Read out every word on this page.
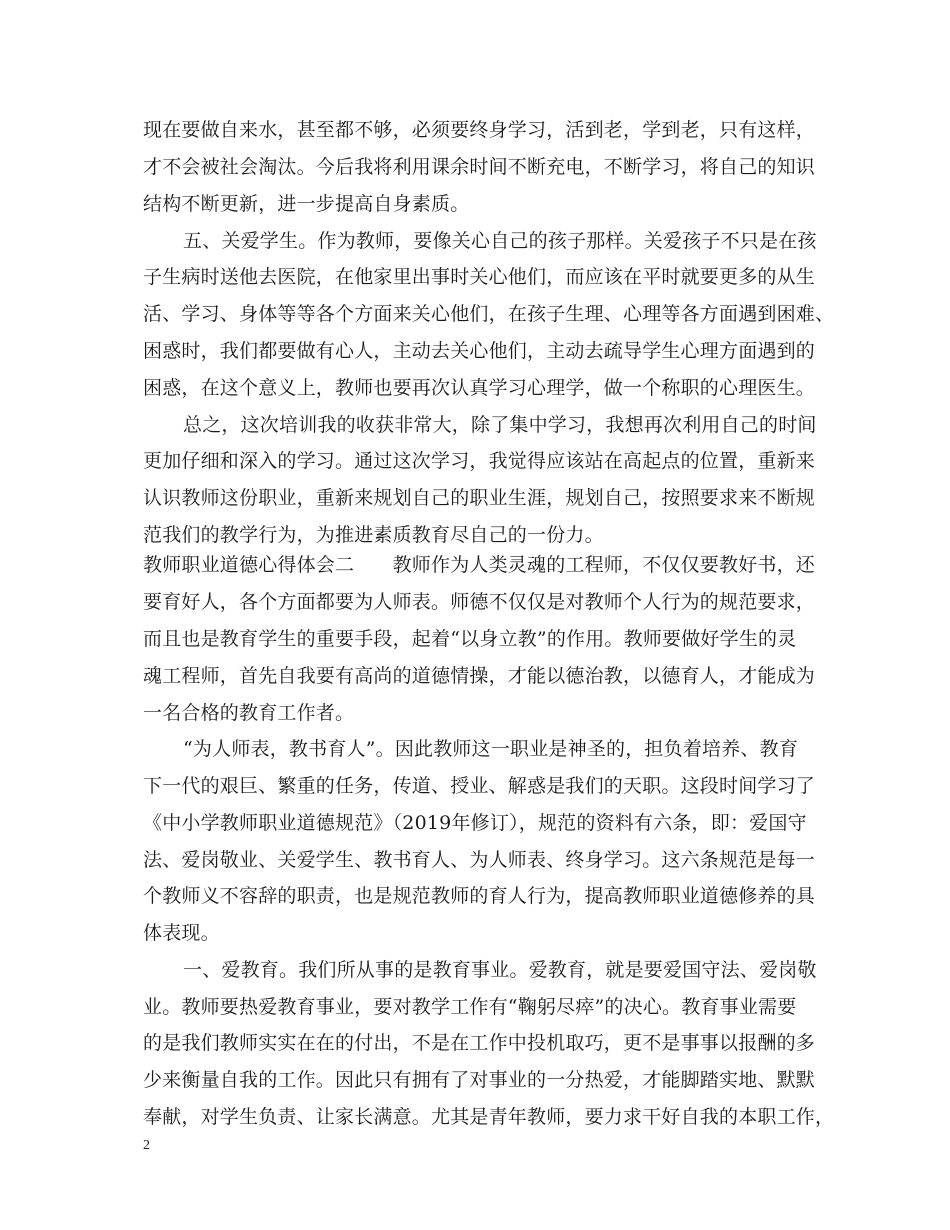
现在要做自来水，甚至都不够，必须要终身学习，活到老，学到老，只有这样，
才不会被社会淘汰。今后我将利用课余时间不断充电，不断学习，将自己的知识
结构不断更新，进一步提高自身素质。
五、关爱学生。作为教师，要像关心自己的孩子那样。关爱孩子不只是在孩
子生病时送他去医院，在他家里出事时关心他们，而应该在平时就要更多的从生
活、学习、身体等等各个方面来关心他们，在孩子生理、心理等各方面遇到困难、
困惑时，我们都要做有心人，主动去关心他们，主动去疏导学生心理方面遇到的
困惑，在这个意义上，教师也要再次认真学习心理学，做一个称职的心理医生。
总之，这次培训我的收获非常大，除了集中学习，我想再次利用自己的时间
更加仔细和深入的学习。通过这次学习，我觉得应该站在高起点的位置，重新来
认识教师这份职业，重新来规划自己的职业生涯，规划自己，按照要求来不断规
范我们的教学行为，为推进素质教育尽自己的一份力。
教师职业道德心得体会二　　教师作为人类灵魂的工程师，不仅仅要教好书，还
要育好人，各个方面都要为人师表。师德不仅仅是对教师个人行为的规范要求，
而且也是教育学生的重要手段，起着“以身立教”的作用。教师要做好学生的灵
魂工程师，首先自我要有高尚的道德情操，才能以德治教，以德育人，才能成为
一名合格的教育工作者。
“为人师表，教书育人”。因此教师这一职业是神圣的，担负着培养、教育
下一代的艰巨、繁重的任务，传道、授业、解惑是我们的天职。这段时间学习了
《中小学教师职业道德规范》（2019年修订），规范的资料有六条，即：爱国守
法、爱岗敬业、关爱学生、教书育人、为人师表、终身学习。这六条规范是每一
个教师义不容辞的职责，也是规范教师的育人行为，提高教师职业道德修养的具
体表现。
一、爱教育。我们所从事的是教育事业。爱教育，就是要爱国守法、爱岗敬
业。教师要热爱教育事业，要对教学工作有“鞠躬尽瘁”的决心。教育事业需要
的是我们教师实实在在的付出，不是在工作中投机取巧，更不是事事以报酬的多
少来衡量自我的工作。因此只有拥有了对事业的一分热爱，才能脚踏实地、默默
奉献，对学生负责、让家长满意。尤其是青年教师，要力求干好自我的本职工作，
2
